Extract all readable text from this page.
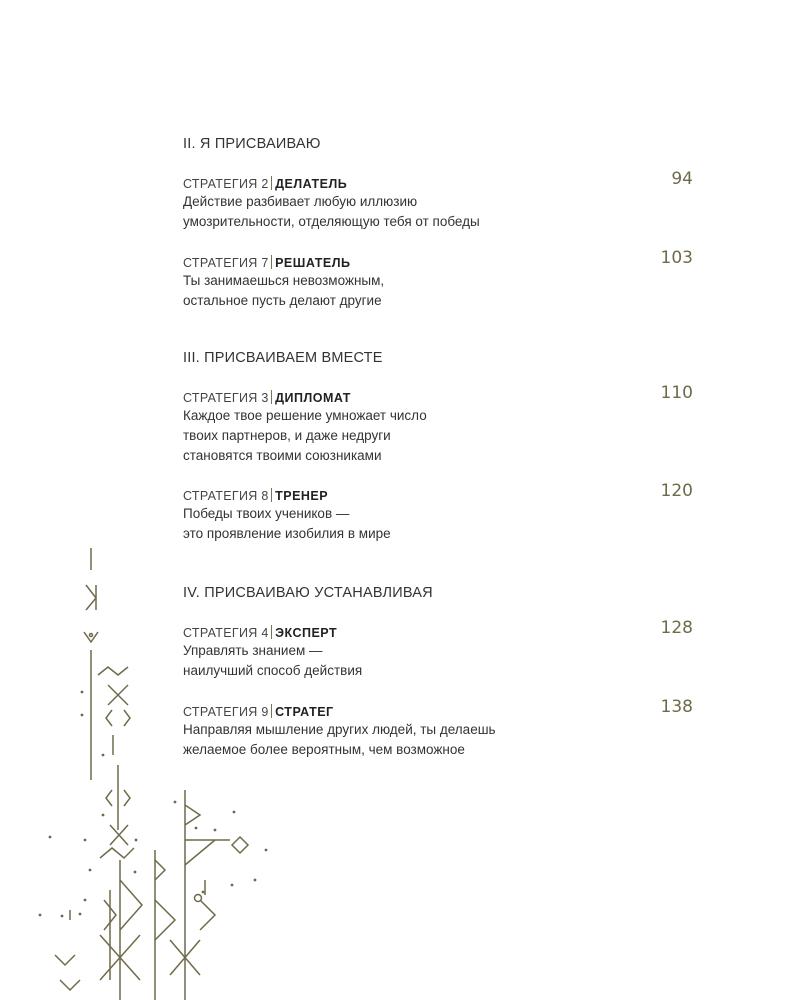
II. Я ПРИСВАИВАЮ
СТРАТЕГИЯ 2 ДЕЛАТЕЛЬ
Действие разбивает любую иллюзию
умозрительности, отделяющую тебя от победы
94
СТРАТЕГИЯ 7 РЕШАТЕЛЬ
Ты занимаешься невозможным,
остальное пусть делают другие
103
III. ПРИСВАИВАЕМ ВМЕСТЕ
СТРАТЕГИЯ 3 ДИПЛОМАТ
Каждое твое решение умножает число
твоих партнеров, и даже недруги
становятся твоими союзниками
110
СТРАТЕГИЯ 8 ТРЕНЕР
Победы твоих учеников —
это проявление изобилия в мире
120
IV. ПРИСВАИВАЮ УСТАНАВЛИВАЯ
СТРАТЕГИЯ 4 ЭКСПЕРТ
Управлять знанием —
наилучший способ действия
128
СТРАТЕГИЯ 9 СТРАТЕГ
Направляя мышление других людей, ты делаешь
желаемое более вероятным, чем возможное
138
